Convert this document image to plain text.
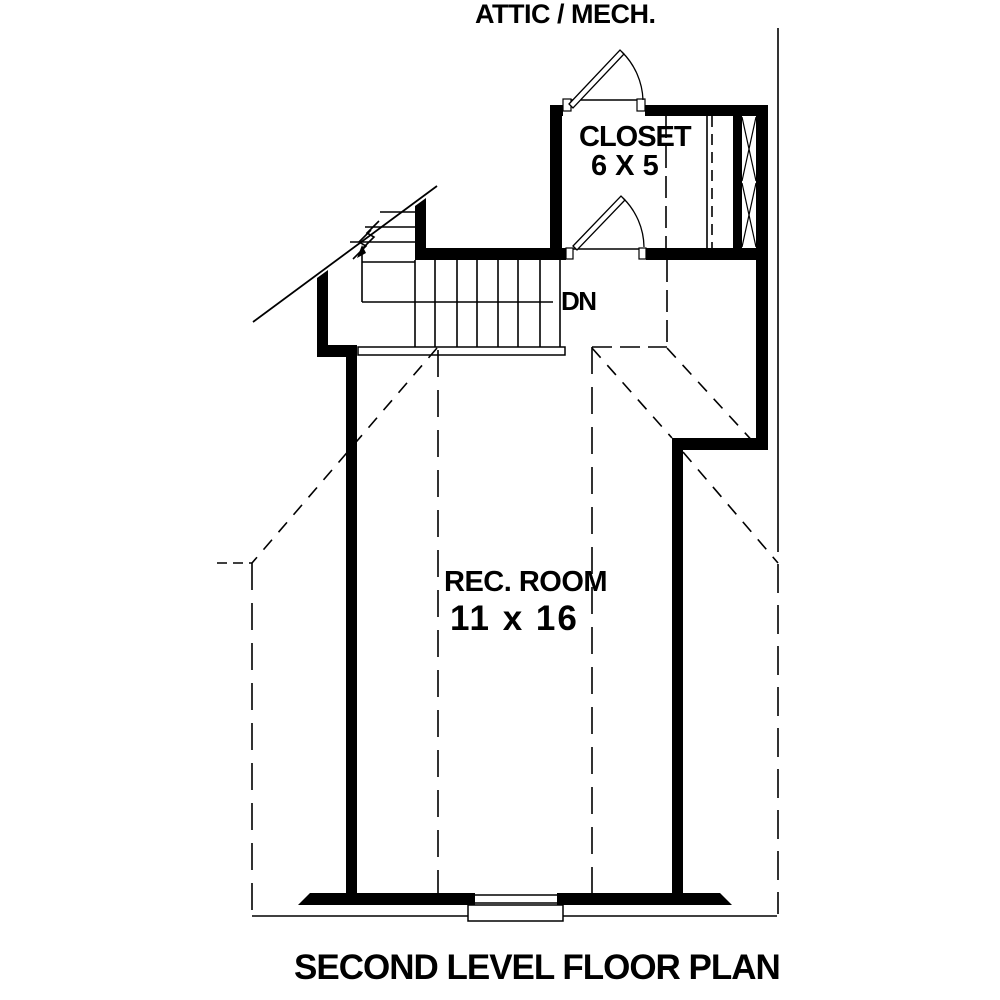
ATTIC / MECH.
CLOSET
6 X 5
DN
REC. ROOM
11 x 16
SECOND LEVEL FLOOR PLAN
